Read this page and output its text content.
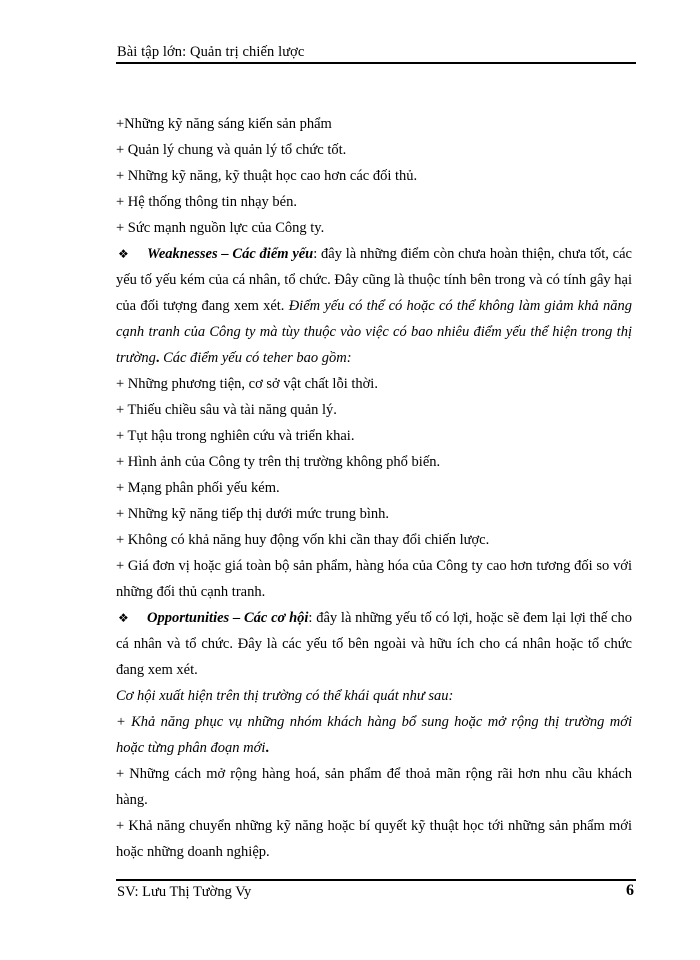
Bài tập lớn: Quản trị chiến lược

+Những kỹ năng sáng kiến sản phẩm

+ Quản lý chung và quản lý tổ chức tốt.

+ Những kỹ năng, kỹ thuật học cao hơn các đối thủ.

+ Hệ thống thông tin nhạy bén.

+ Sức mạnh nguồn lực của Công ty.

❖ Weaknesses – Các điểm yếu: đây là những điểm còn chưa hoàn thiện, chưa tốt, các yếu tố yếu kém của cá nhân, tổ chức. Đây cũng là thuộc tính bên trong và có tính gây hại của đối tượng đang xem xét. Điểm yếu có thể có hoặc có thể không làm giảm khả năng cạnh tranh của Công ty mà tùy thuộc vào việc có bao nhiêu điểm yếu thể hiện trong thị trường. Các điểm yếu có teher bao gồm:

+ Những phương tiện, cơ sở vật chất lỗi thời.

+ Thiếu chiều sâu và tài năng quản lý.

+ Tụt hậu trong nghiên cứu và triển khai.

+ Hình ảnh của Công ty trên thị trường không phổ biến.

+ Mạng phân phối yếu kém.

+ Những kỹ năng tiếp thị dưới mức trung bình.

+ Không có khả năng huy động vốn khi cần thay đổi chiến lược.

+ Giá đơn vị hoặc giá toàn bộ sản phẩm, hàng hóa của Công ty cao hơn tương đối so với những đối thủ cạnh tranh.

❖ Opportunities – Các cơ hội: đây là những yếu tố có lợi, hoặc sẽ đem lại lợi thế cho cá nhân và tổ chức. Đây là các yếu tố bên ngoài và hữu ích cho cá nhân hoặc tổ chức đang xem xét.

Cơ hội xuất hiện trên thị trường có thể khái quát như sau:

+ Khả năng phục vụ những nhóm khách hàng bổ sung hoặc mở rộng thị trường mới hoặc từng phân đoạn mới.

+ Những cách mở rộng hàng hoá, sản phẩm để thoả mãn rộng rãi hơn nhu cầu khách hàng.

+ Khả năng chuyển những kỹ năng hoặc bí quyết kỹ thuật học tới những sản phẩm mới hoặc những doanh nghiệp.

SV: Lưu Thị Tường Vy	6
